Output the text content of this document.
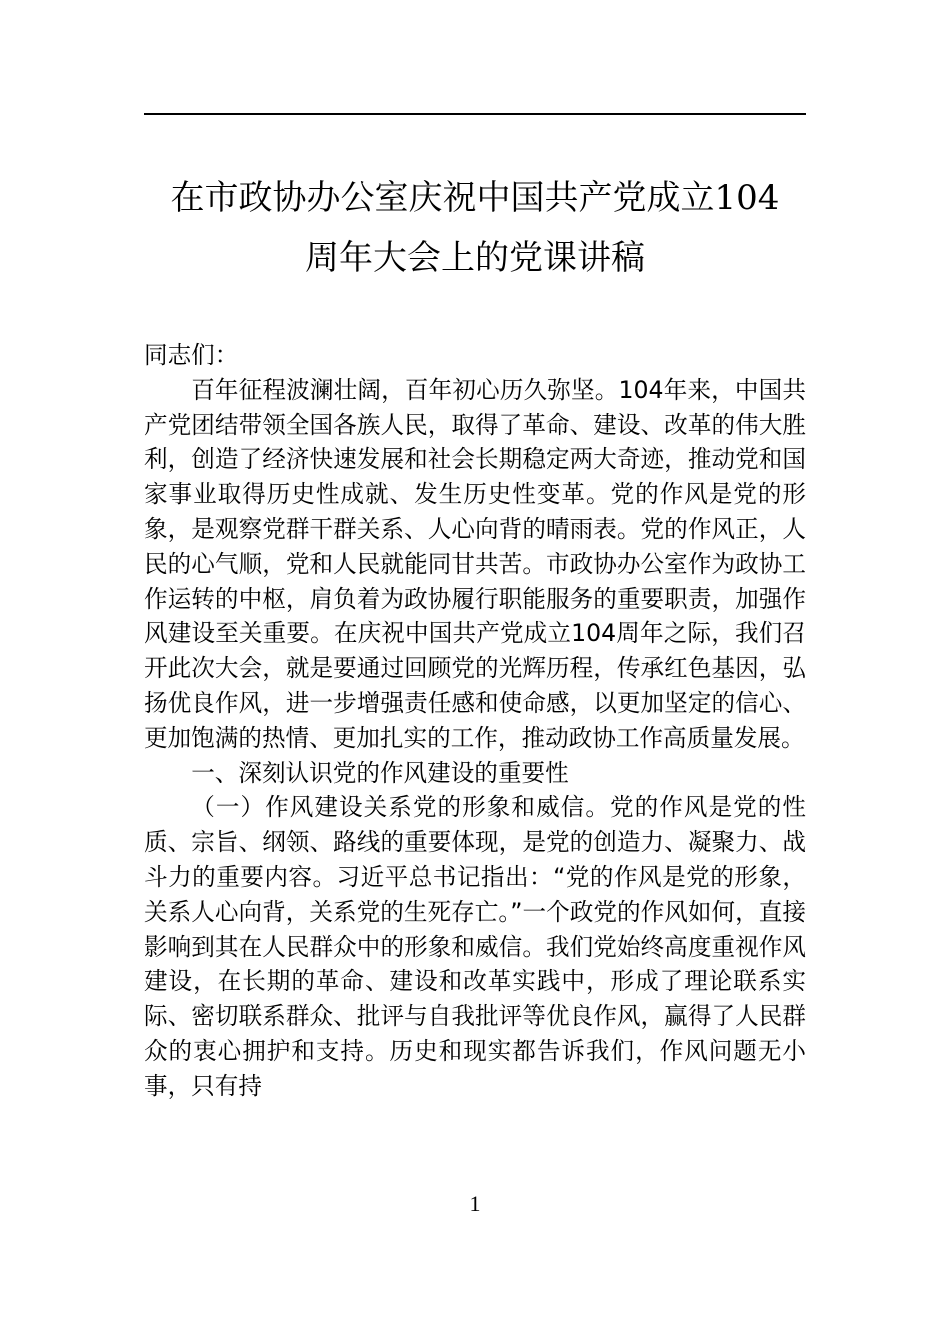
在市政协办公室庆祝中国共产党成立104
周年大会上的党课讲稿

同志们：

百年征程波澜壮阔，百年初心历久弥坚。104年来，中国共产党团结带领全国各族人民，取得了革命、建设、改革的伟大胜利，创造了经济快速发展和社会长期稳定两大奇迹，推动党和国家事业取得历史性成就、发生历史性变革。党的作风是党的形象，是观察党群干群关系、人心向背的晴雨表。党的作风正，人民的心气顺，党和人民就能同甘共苦。市政协办公室作为政协工作运转的中枢，肩负着为政协履行职能服务的重要职责，加强作风建设至关重要。在庆祝中国共产党成立104周年之际，我们召开此次大会，就是要通过回顾党的光辉历程，传承红色基因，弘扬优良作风，进一步增强责任感和使命感，以更加坚定的信心、更加饱满的热情、更加扎实的工作，推动政协工作高质量发展。

一、深刻认识党的作风建设的重要性

（一）作风建设关系党的形象和威信。党的作风是党的性质、宗旨、纲领、路线的重要体现，是党的创造力、凝聚力、战斗力的重要内容。习近平总书记指出：“党的作风是党的形象，关系人心向背，关系党的生死存亡。”一个政党的作风如何，直接影响到其在人民群众中的形象和威信。我们党始终高度重视作风建设，在长期的革命、建设和改革实践中，形成了理论联系实际、密切联系群众、批评与自我批评等优良作风，赢得了人民群众的衷心拥护和支持。历史和现实都告诉我们，作风问题无小事，只有持

1
